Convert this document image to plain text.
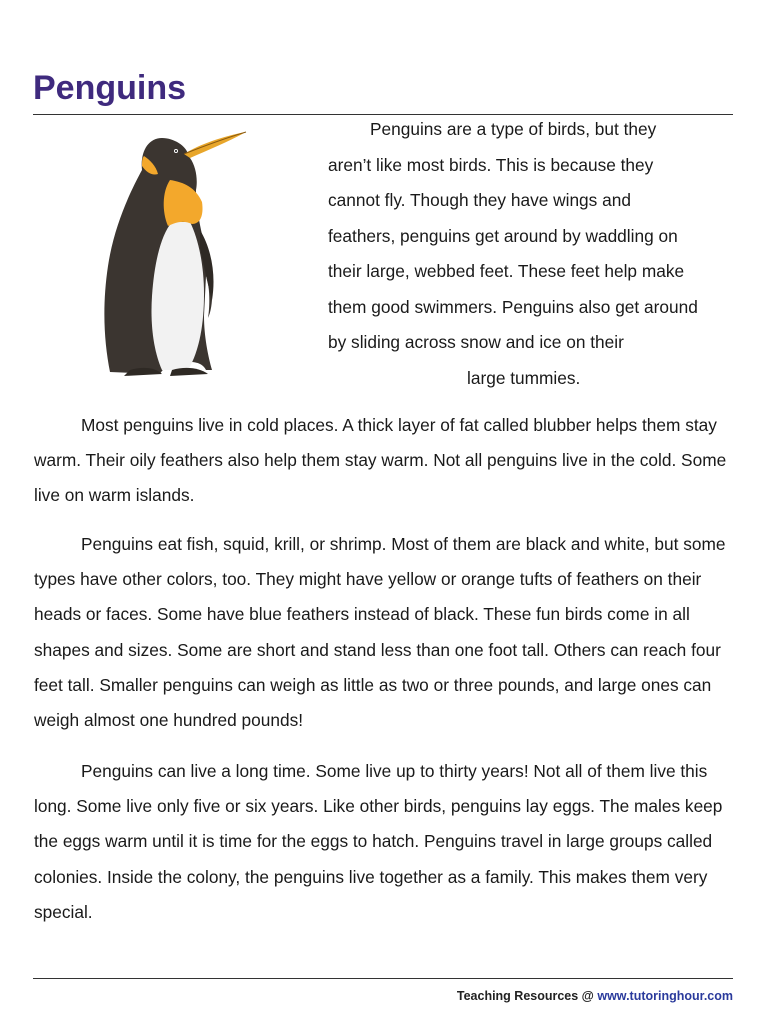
Penguins

Penguins are a type of birds, but they
aren’t like most birds. This is because they
cannot fly. Though they have wings and
feathers, penguins get around by waddling on
their large, webbed feet. These feet help make
them good swimmers. Penguins also get around
by sliding across snow and ice on their
large tummies.

Most penguins live in cold places. A thick layer of fat called blubber helps them stay warm. Their oily feathers also help them stay warm. Not all penguins live in the cold. Some live on warm islands.

Penguins eat fish, squid, krill, or shrimp. Most of them are black and white, but some types have other colors, too. They might have yellow or orange tufts of feathers on their heads or faces. Some have blue feathers instead of black. These fun birds come in all shapes and sizes. Some are short and stand less than one foot tall. Others can reach four feet tall. Smaller penguins can weigh as little as two or three pounds, and large ones can weigh almost one hundred pounds!

Penguins can live a long time. Some live up to thirty years! Not all of them live this long. Some live only five or six years. Like other birds, penguins lay eggs. The males keep the eggs warm until it is time for the eggs to hatch. Penguins travel in large groups called colonies. Inside the colony, the penguins live together as a family. This makes them very special.

Teaching Resources @ www.tutoringhour.com
